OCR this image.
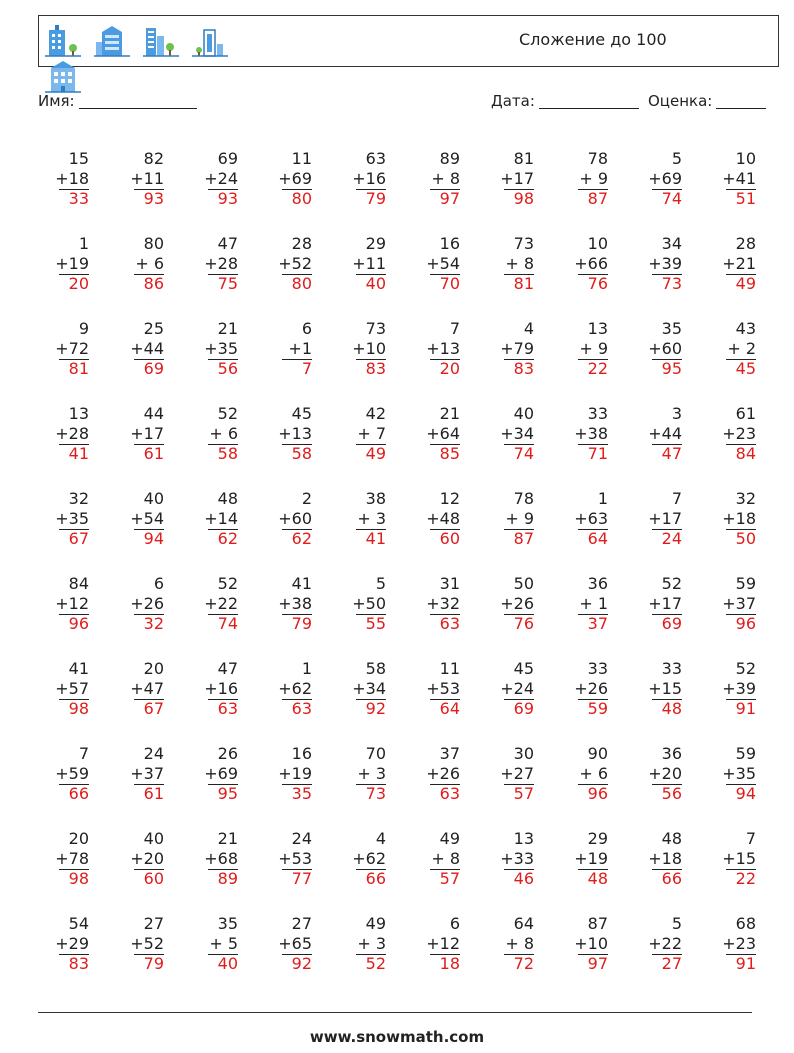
Сложение до 100
Имя:	Дата:	Оценка:
15
+18
33
82
+11
93
69
+24
93
11
+69
80
63
+16
79
89
+ 8
97
81
+17
98
78
+ 9
87
5
+69
74
10
+41
51
1
+19
20
80
+ 6
86
47
+28
75
28
+52
80
29
+11
40
16
+54
70
73
+ 8
81
10
+66
76
34
+39
73
28
+21
49
9
+72
81
25
+44
69
21
+35
56
6
+1
7
73
+10
83
7
+13
20
4
+79
83
13
+ 9
22
35
+60
95
43
+ 2
45
13
+28
41
44
+17
61
52
+ 6
58
45
+13
58
42
+ 7
49
21
+64
85
40
+34
74
33
+38
71
3
+44
47
61
+23
84
32
+35
67
40
+54
94
48
+14
62
2
+60
62
38
+ 3
41
12
+48
60
78
+ 9
87
1
+63
64
7
+17
24
32
+18
50
84
+12
96
6
+26
32
52
+22
74
41
+38
79
5
+50
55
31
+32
63
50
+26
76
36
+ 1
37
52
+17
69
59
+37
96
41
+57
98
20
+47
67
47
+16
63
1
+62
63
58
+34
92
11
+53
64
45
+24
69
33
+26
59
33
+15
48
52
+39
91
7
+59
66
24
+37
61
26
+69
95
16
+19
35
70
+ 3
73
37
+26
63
30
+27
57
90
+ 6
96
36
+20
56
59
+35
94
20
+78
98
40
+20
60
21
+68
89
24
+53
77
4
+62
66
49
+ 8
57
13
+33
46
29
+19
48
48
+18
66
7
+15
22
54
+29
83
27
+52
79
35
+ 5
40
27
+65
92
49
+ 3
52
6
+12
18
64
+ 8
72
87
+10
97
5
+22
27
68
+23
91
www.snowmath.com
